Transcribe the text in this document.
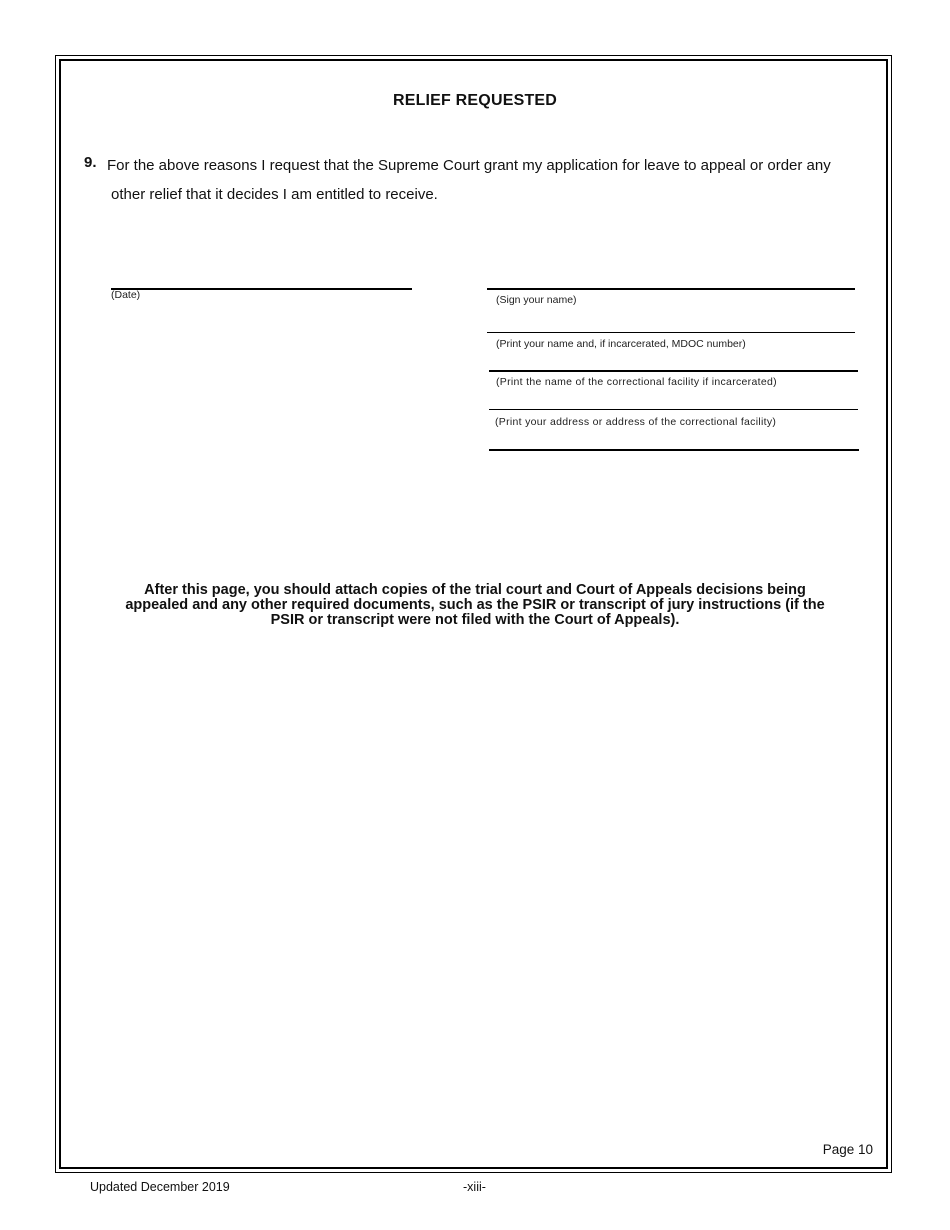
RELIEF REQUESTED
9. For the above reasons I request that the Supreme Court grant my application for leave to appeal or order any other relief that it decides I am entitled to receive.
(Date)	(Sign your name)
(Print your name and, if incarcerated, MDOC number)
(Print the name of the correctional facility if incarcerated)
(Print your address or address of the correctional facility)
After this page, you should attach copies of the trial court and Court of Appeals decisions being appealed and any other required documents, such as the PSIR or transcript of jury instructions (if the PSIR or transcript were not filed with the Court of Appeals).
Page 10
Updated December 2019	-xiii-
